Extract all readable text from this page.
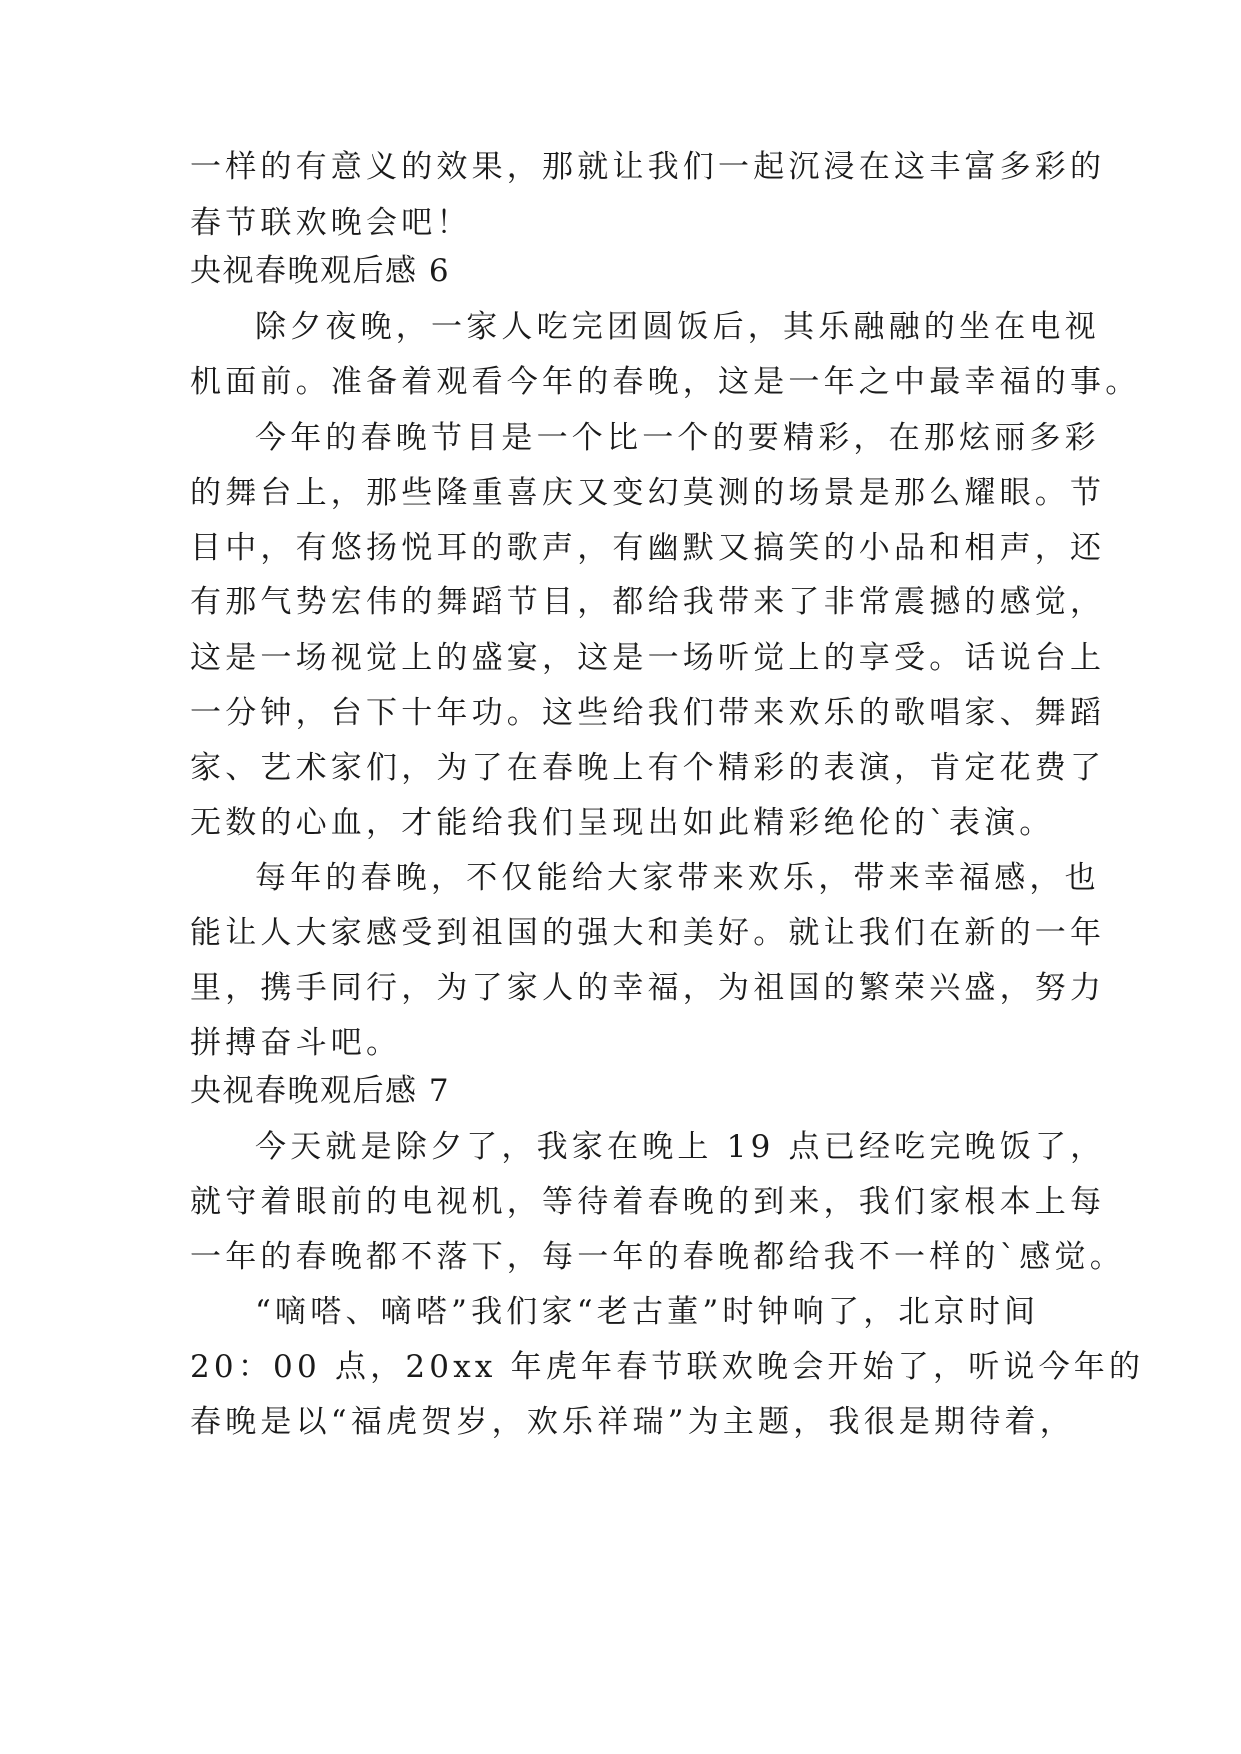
一样的有意义的效果，那就让我们一起沉浸在这丰富多彩的

春节联欢晚会吧！

央视春晚观后感 6

除夕夜晚，一家人吃完团圆饭后，其乐融融的坐在电视

机面前。准备着观看今年的春晚，这是一年之中最幸福的事。

今年的春晚节目是一个比一个的要精彩，在那炫丽多彩

的舞台上，那些隆重喜庆又变幻莫测的场景是那么耀眼。节

目中，有悠扬悦耳的歌声，有幽默又搞笑的小品和相声，还

有那气势宏伟的舞蹈节目，都给我带来了非常震撼的感觉，

这是一场视觉上的盛宴，这是一场听觉上的享受。话说台上

一分钟，台下十年功。这些给我们带来欢乐的歌唱家、舞蹈

家、艺术家们，为了在春晚上有个精彩的表演，肯定花费了

无数的心血，才能给我们呈现出如此精彩绝伦的`表演。

每年的春晚，不仅能给大家带来欢乐，带来幸福感，也

能让人大家感受到祖国的强大和美好。就让我们在新的一年

里，携手同行，为了家人的幸福，为祖国的繁荣兴盛，努力

拼搏奋斗吧。

央视春晚观后感 7

今天就是除夕了，我家在晚上 19 点已经吃完晚饭了，

就守着眼前的电视机，等待着春晚的到来，我们家根本上每

一年的春晚都不落下，每一年的春晚都给我不一样的`感觉。

“嘀嗒、嘀嗒”我们家“老古董”时钟响了，北京时间

20：00 点，20xx 年虎年春节联欢晚会开始了，听说今年的

春晚是以“福虎贺岁，欢乐祥瑞”为主题，我很是期待着，
